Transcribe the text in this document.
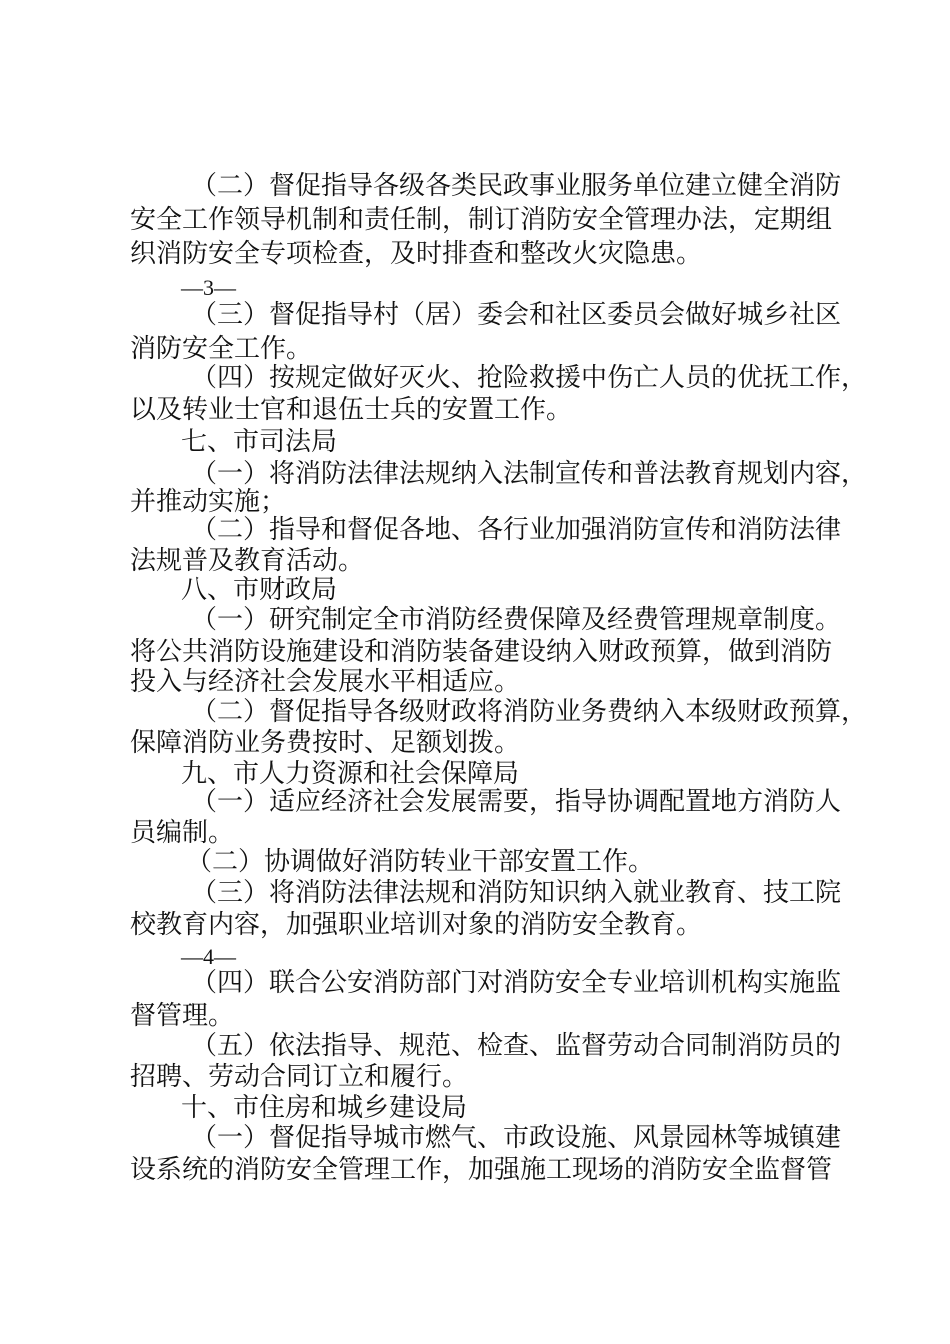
（二）督促指导各级各类民政事业服务单位建立健全消防
安全工作领导机制和责任制，制订消防安全管理办法，定期组
织消防安全专项检查，及时排查和整改火灾隐患。
—3—
（三）督促指导村（居）委会和社区委员会做好城乡社区
消防安全工作。
（四）按规定做好灭火、抢险救援中伤亡人员的优抚工作，
以及转业士官和退伍士兵的安置工作。
七、市司法局
（一）将消防法律法规纳入法制宣传和普法教育规划内容，
并推动实施；
（二）指导和督促各地、各行业加强消防宣传和消防法律
法规普及教育活动。
八、市财政局
（一）研究制定全市消防经费保障及经费管理规章制度。
将公共消防设施建设和消防装备建设纳入财政预算，做到消防
投入与经济社会发展水平相适应。
（二）督促指导各级财政将消防业务费纳入本级财政预算，
保障消防业务费按时、足额划拨。
九、市人力资源和社会保障局
（一）适应经济社会发展需要，指导协调配置地方消防人
员编制。
（二）协调做好消防转业干部安置工作。
（三）将消防法律法规和消防知识纳入就业教育、技工院
校教育内容，加强职业培训对象的消防安全教育。
—4—
（四）联合公安消防部门对消防安全专业培训机构实施监
督管理。
（五）依法指导、规范、检查、监督劳动合同制消防员的
招聘、劳动合同订立和履行。
十、市住房和城乡建设局
（一）督促指导城市燃气、市政设施、风景园林等城镇建
设系统的消防安全管理工作，加强施工现场的消防安全监督管
